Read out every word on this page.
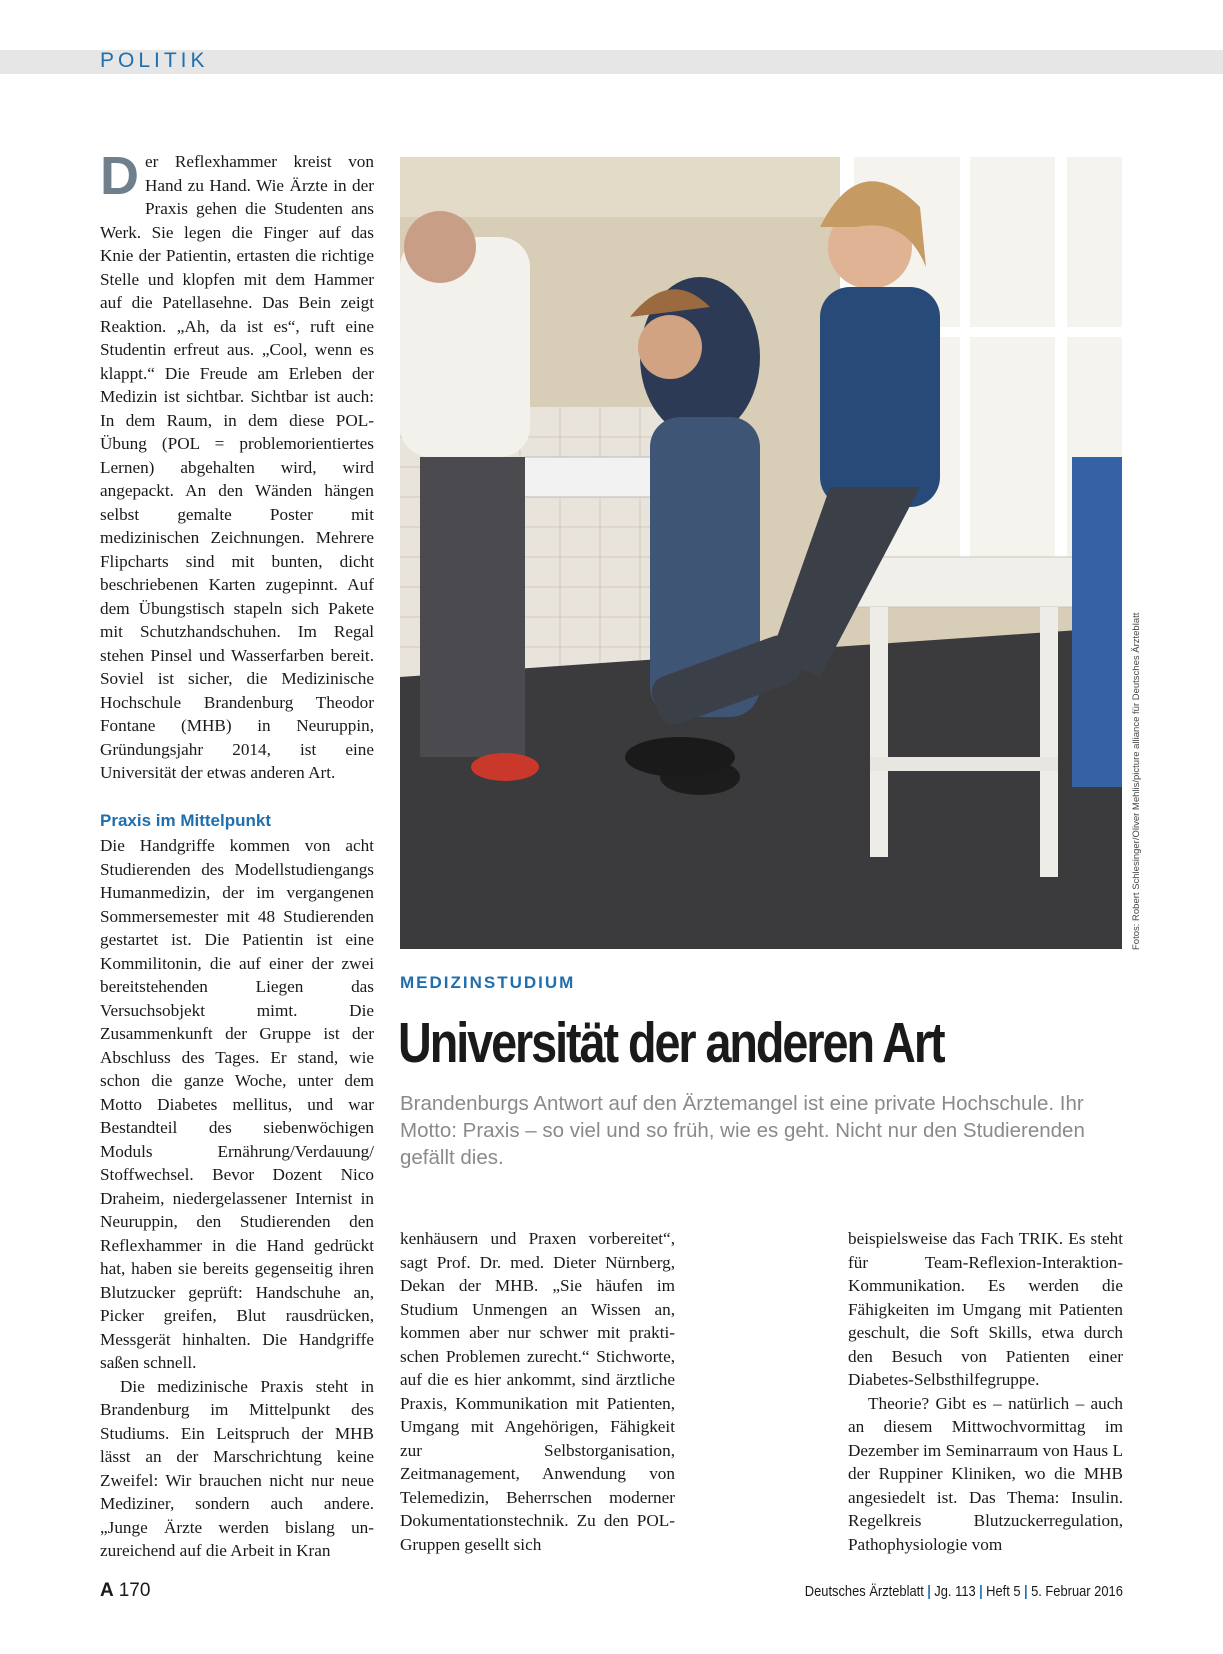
POLITIK

Der Reflexhammer kreist von Hand zu Hand. Wie Ärzte in der Praxis gehen die Studenten ans Werk. Sie legen die Finger auf das Knie der Patientin, ertasten die richtige Stelle und klopfen mit dem Hammer auf die Patellasehne. Das Bein zeigt Reaktion. „Ah, da ist es“, ruft eine Studentin erfreut aus. „Cool, wenn es klappt.“ Die Freude am Erleben der Medizin ist sichtbar. Sichtbar ist auch: In dem Raum, in dem diese POL-Übung (POL = problemorientiertes Lernen) abgehalten wird, wird angepackt. An den Wänden hängen selbst gemalte Poster mit medizinischen Zeichnungen. Mehrere Flipcharts sind mit bunten, dicht beschriebenen Karten zugepinnt. Auf dem Übungstisch stapeln sich Pakete mit Schutzhandschuhen. Im Regal stehen Pinsel und Wasserfarben bereit. Soviel ist sicher, die Medizinische Hochschule Brandenburg Theodor Fontane (MHB) in Neuruppin, Gründungsjahr 2014, ist eine Universität der etwas anderen Art.

Praxis im Mittelpunkt

Die Handgriffe kommen von acht Studierenden des Modellstudiengangs Humanmedizin, der im vergangenen Sommersemester mit 48 Studierenden gestartet ist. Die Patientin ist eine Kommilitonin, die auf einer der zwei bereitstehenden Liegen das Versuchsobjekt mimt. Die Zusammenkunft der Gruppe ist der Abschluss des Tages. Er stand, wie schon die ganze Woche, unter dem Motto Diabetes mellitus, und war Bestandteil des siebenwöchigen Moduls Ernährung/Verdauung/ Stoffwechsel. Bevor Dozent Nico Draheim, niedergelassener Internist in Neuruppin, den Studierenden den Reflexhammer in die Hand gedrückt hat, haben sie bereits gegenseitig ihren Blutzucker geprüft: Handschuhe an, Picker greifen, Blut rausdrücken, Messgerät hinhalten. Die Handgriffe saßen schnell.

Die medizinische Praxis steht in Brandenburg im Mittelpunkt des Studiums. Ein Leitspruch der MHB lässt an der Marschrichtung keine Zweifel: Wir brauchen nicht nur neue Mediziner, sondern auch andere. „Junge Ärzte werden bislang unzureichend auf die Arbeit in Kran

Fotos: Robert Schlesinger/Oliver Mehlis/picture alliance für Deutsches Ärzteblatt
MEDIZINSTUDIUM
Universität der anderen Art
Brandenburgs Antwort auf den Ärztemangel ist eine private Hochschule. Ihr Motto: Praxis – so viel und so früh, wie es geht. Nicht nur den Studierenden gefällt dies.

kenhäusern und Praxen vorbereitet“, sagt Prof. Dr. med. Dieter Nürnberg, Dekan der MHB. „Sie häufen im Studium Unmengen an Wissen an, kommen aber nur schwer mit praktischen Problemen zurecht.“ Stichworte, auf die es hier ankommt, sind ärztliche Praxis, Kommunikation mit Patienten, Umgang mit Angehörigen, Fähigkeit zur Selbstorganisation, Zeitmanagement, Anwendung von Telemedizin, Beherrschen moderner Dokumentationstechnik. Zu den POL-Gruppen gesellt sich

beispielsweise das Fach TRIK. Es steht für Team-Reflexion-Interaktion-Kommunikation. Es werden die Fähigkeiten im Umgang mit Patienten geschult, die Soft Skills, etwa durch den Besuch von Patienten einer Diabetes-Selbsthilfegruppe.

Theorie? Gibt es – natürlich – auch an diesem Mittwochvormittag im Dezember im Seminarraum von Haus L der Ruppiner Kliniken, wo die MHB angesiedelt ist. Das Thema: Insulin. Regelkreis Blutzuckerregulation, Pathophysiologie vom

A 170	Deutsches Ärzteblatt | Jg. 113 | Heft 5 | 5. Februar 2016
